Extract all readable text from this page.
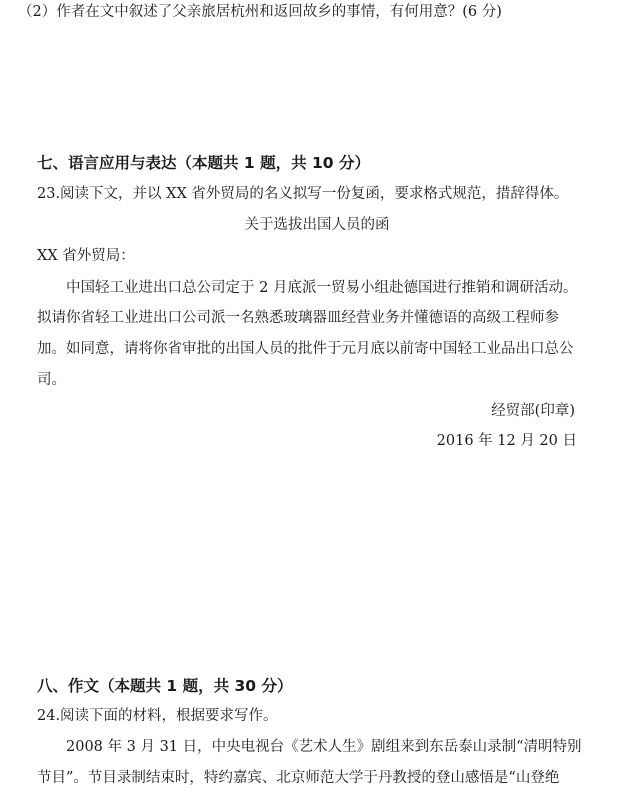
（2）作者在文中叙述了父亲旅居杭州和返回故乡的事情，有何用意？(6 分)
七、语言应用与表达（本题共 1 题，共 10 分）
23.阅读下文，并以 XX 省外贸局的名义拟写一份复函，要求格式规范，措辞得体。
关于选拔出国人员的函
XX 省外贸局：
中国轻工业进出口总公司定于 2 月底派一贸易小组赴德国进行推销和调研活动。
拟请你省轻工业进出口公司派一名熟悉玻璃器皿经营业务并懂德语的高级工程师参
加。如同意，请将你省审批的出国人员的批件于元月底以前寄中国轻工业品出口总公
司。
经贸部(印章)
2016 年 12 月 20 日
八、作文（本题共 1 题，共 30 分）
24.阅读下面的材料，根据要求写作。
2008 年 3 月 31 日，中央电视台《艺术人生》剧组来到东岳泰山录制“清明特别
节目”。节目录制结束时，特约嘉宾、北京师范大学于丹教授的登山感悟是“山登绝
